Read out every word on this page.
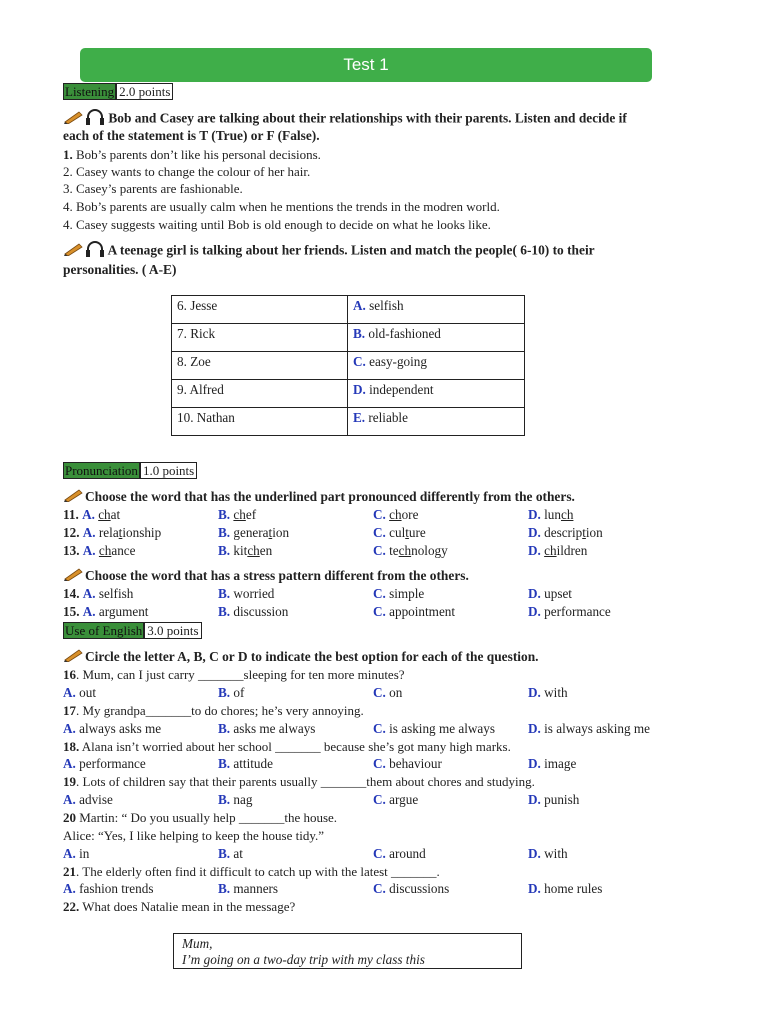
Test 1
Listening 2.0 points
Bob and Casey are talking about their relationships with their parents. Listen and decide if
each of the statement is T (True) or F (False).
1. Bob’s parents don’t like his personal decisions.
2. Casey wants to change the colour of her hair.
3. Casey’s parents are fashionable.
4. Bob’s parents are usually calm when he mentions the trends in the modren world.
4. Casey suggests waiting until Bob is old enough to decide on what he looks like.
A teenage girl is talking about her friends. Listen and match the people( 6-10) to their
personalities. ( A-E)
6. Jesse	A. selfish
7. Rick	B. old-fashioned
8. Zoe	C. easy-going
9. Alfred	D. independent
10. Nathan	E. reliable
Pronunciation 1.0 points
Choose the word that has the underlined part pronounced differently from the others.
11. A. chat	B. chef	C. chore	D. lunch
12. A. relationship	B. generation	C. culture	D. description
13. A. chance	B. kitchen	C. technology	D. children
Choose the word that has a stress pattern different from the others.
14. A. selfish	B. worried	C. simple	D. upset
15. A. argument	B. discussion	C. appointment	D. performance
Use of English 3.0 points
Circle the letter A, B, C or D to indicate the best option for each of the question.
16. Mum, can I just carry _______sleeping for ten more minutes?
A. out	B. of	C. on	D. with
17. My grandpa_______to do chores; he’s very annoying.
A. always asks me	B. asks me always	C. is asking me always	D. is always asking me
18. Alana isn’t worried about her school _______ because she’s got many high marks.
A. performance	B. attitude	C. behaviour	D. image
19. Lots of children say that their parents usually _______them about chores and studying.
A. advise	B. nag	C. argue	D. punish
20 Martin: “ Do you usually help _______the house.
Alice: “Yes, I like helping to keep the house tidy.”
A. in	B. at	C. around	D. with
21. The elderly often find it difficult to catch up with the latest _______.
A. fashion trends	B. manners	C. discussions	D. home rules
22. What does Natalie mean in the message?
Mum,
I’m going on a two-day trip with my class this
